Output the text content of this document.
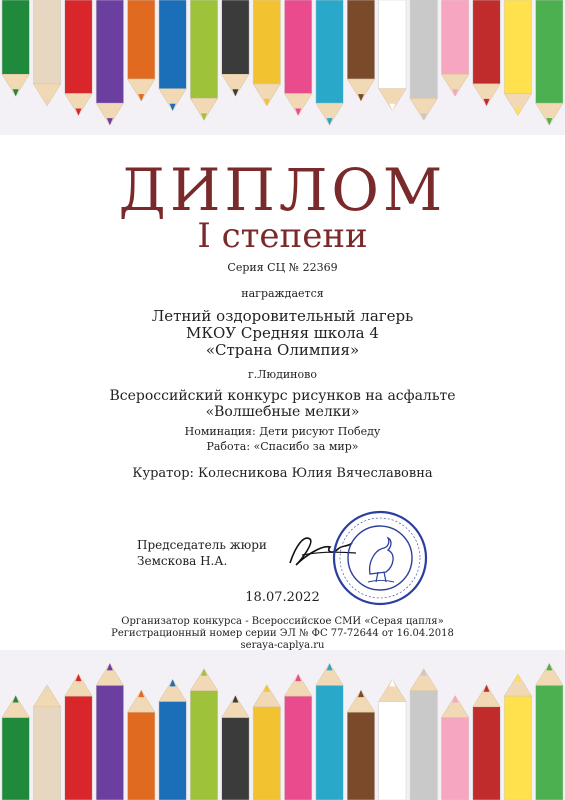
ДИПЛОМ
I степени
Серия СЦ № 22369
награждается
Летний оздоровительный лагерь
МКОУ Средняя школа 4
«Страна Олимпия»
г.Людиново
Всероссийский конкурс рисунков на асфальте
«Волшебные мелки»
Номинация: Дети рисуют Победу
Работа: «Спасибо за мир»
Куратор: Колесникова Юлия Вячеславовна
Председатель жюри
Земскова Н.А.
18.07.2022
Организатор конкурса - Всероссийское СМИ «Серая цапля»
Регистрационный номер серии ЭЛ № ФС 77-72644 от 16.04.2018
seraya-caplya.ru
